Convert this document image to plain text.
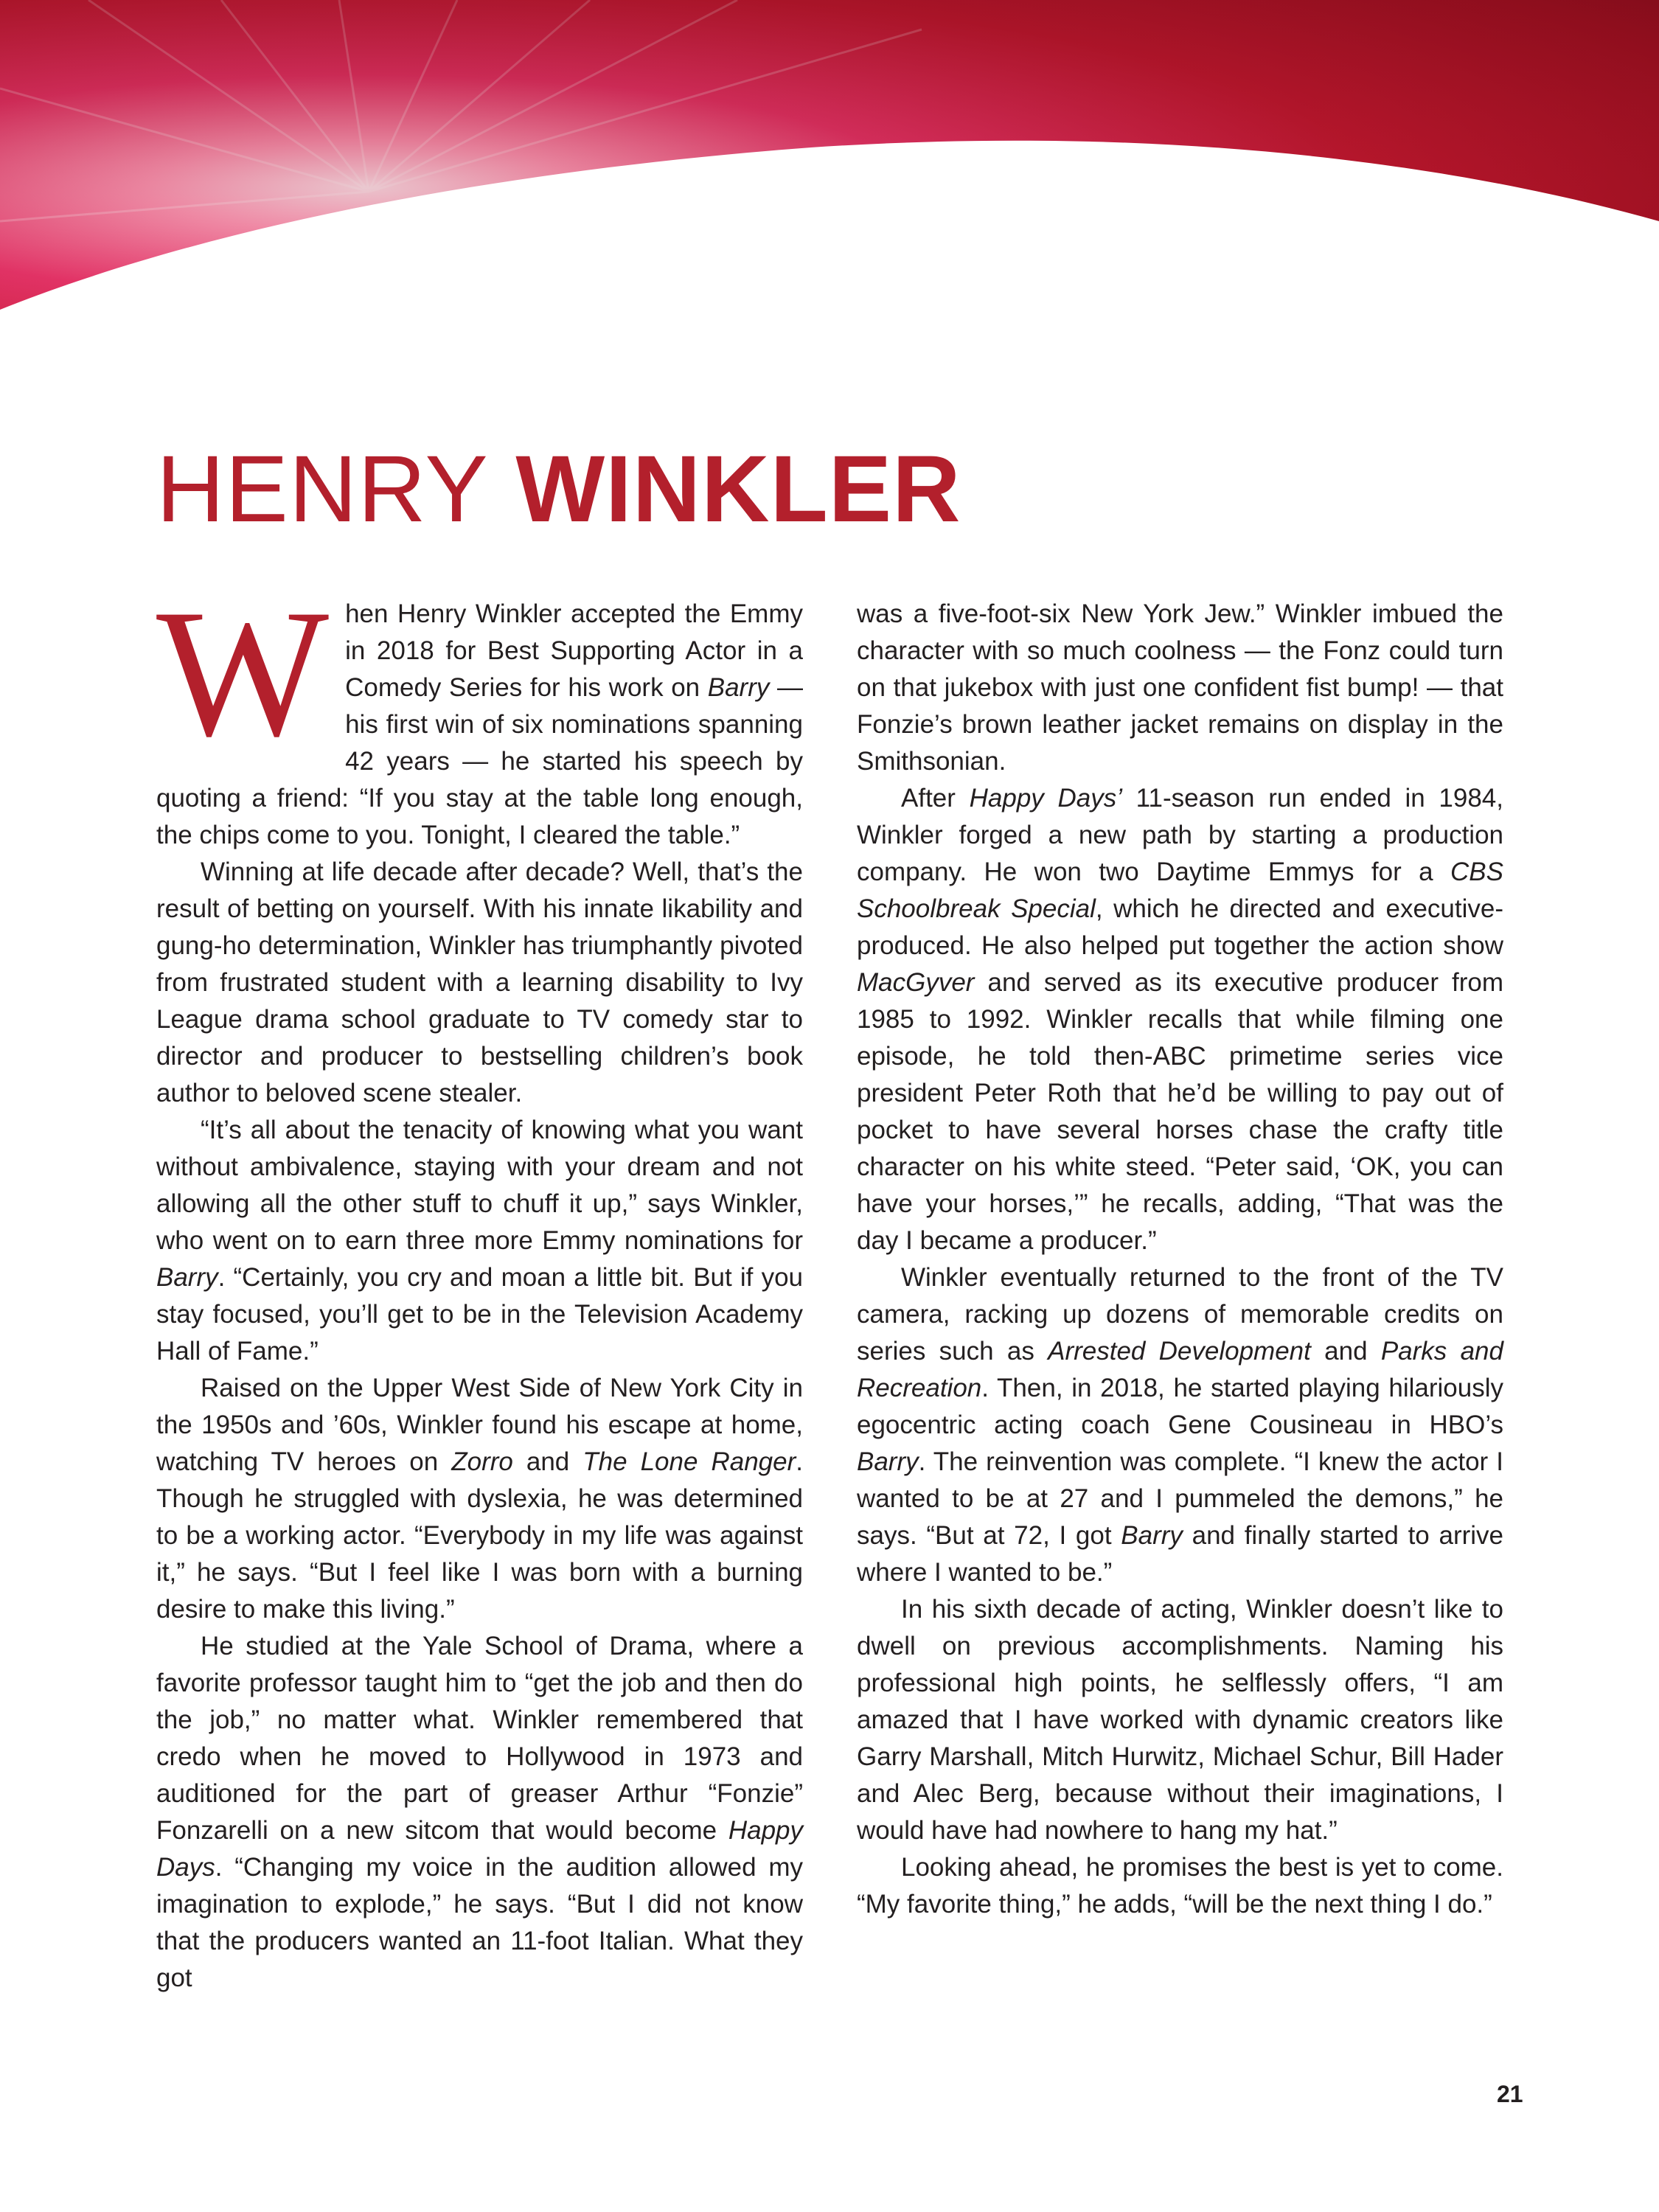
HENRY WINKLER

When Henry Winkler accepted the Emmy in 2018 for Best Supporting Actor in a Comedy Series for his work on Barry — his first win of six nominations spanning 42 years — he started his speech by quoting a friend: “If you stay at the table long enough, the chips come to you. Tonight, I cleared the table.”

Winning at life decade after decade? Well, that’s the result of betting on yourself. With his innate likability and gung-ho determination, Winkler has triumphantly pivoted from frustrated student with a learning disability to Ivy League drama school graduate to TV comedy star to director and producer to bestselling children’s book author to beloved scene stealer.

“It’s all about the tenacity of knowing what you want without ambivalence, staying with your dream and not allowing all the other stuff to chuff it up,” says Winkler, who went on to earn three more Emmy nominations for Barry. “Certainly, you cry and moan a little bit. But if you stay focused, you’ll get to be in the Television Academy Hall of Fame.”

Raised on the Upper West Side of New York City in the 1950s and ’60s, Winkler found his escape at home, watching TV heroes on Zorro and The Lone Ranger. Though he struggled with dyslexia, he was determined to be a working actor. “Everybody in my life was against it,” he says. “But I feel like I was born with a burning desire to make this living.”

He studied at the Yale School of Drama, where a favorite professor taught him to “get the job and then do the job,” no matter what. Winkler remembered that credo when he moved to Hollywood in 1973 and auditioned for the part of greaser Arthur “Fonzie” Fonzarelli on a new sitcom that would become Happy Days. “Changing my voice in the audition allowed my imagination to explode,” he says. “But I did not know that the producers wanted an 11-foot Italian. What they got

was a five-foot-six New York Jew.” Winkler imbued the character with so much coolness — the Fonz could turn on that jukebox with just one confident fist bump! — that Fonzie’s brown leather jacket remains on display in the Smithsonian.

After Happy Days’ 11-season run ended in 1984, Winkler forged a new path by starting a production company. He won two Daytime Emmys for a CBS Schoolbreak Special, which he directed and executive-produced. He also helped put together the action show MacGyver and served as its executive producer from 1985 to 1992. Winkler recalls that while filming one episode, he told then-ABC primetime series vice president Peter Roth that he’d be willing to pay out of pocket to have several horses chase the crafty title character on his white steed. “Peter said, ‘OK, you can have your horses,’” he recalls, adding, “That was the day I became a producer.”

Winkler eventually returned to the front of the TV camera, racking up dozens of memorable credits on series such as Arrested Development and Parks and Recreation. Then, in 2018, he started playing hilariously egocentric acting coach Gene Cousineau in HBO’s Barry. The reinvention was complete. “I knew the actor I wanted to be at 27 and I pummeled the demons,” he says. “But at 72, I got Barry and finally started to arrive where I wanted to be.”

In his sixth decade of acting, Winkler doesn’t like to dwell on previous accomplishments. Naming his professional high points, he selflessly offers, “I am amazed that I have worked with dynamic creators like Garry Marshall, Mitch Hurwitz, Michael Schur, Bill Hader and Alec Berg, because without their imaginations, I would have had nowhere to hang my hat.”

Looking ahead, he promises the best is yet to come. “My favorite thing,” he adds, “will be the next thing I do.”

21
